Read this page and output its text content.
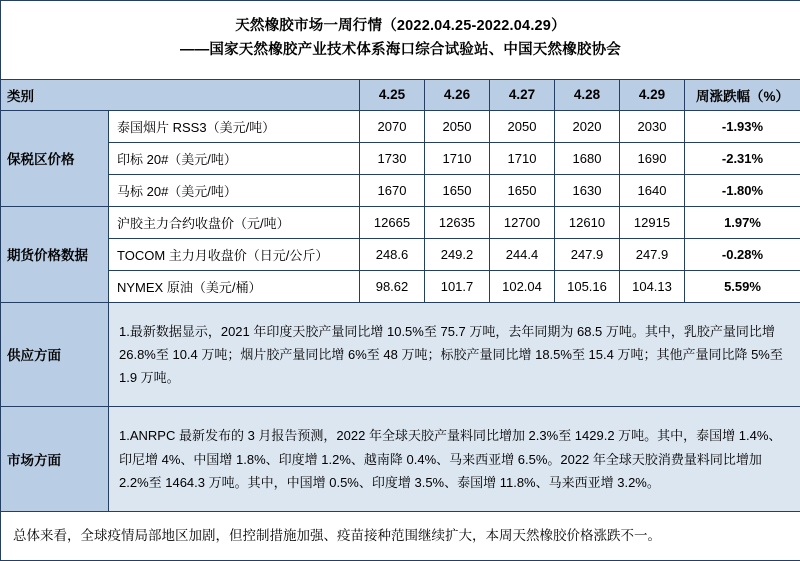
天然橡胶市场一周行情（2022.04.25-2022.04.29）
――国家天然橡胶产业技术体系海口综合试验站、中国天然橡胶协会							

类别		4.25	4.26	4.27	4.28	4.29	周涨跌幅（%）
保税区价格	泰国烟片 RSS3（美元/吨）	2070	2050	2050	2020	2030	-1.93%
	印标 20#（美元/吨）	1730	1710	1710	1680	1690	-2.31%
	马标 20#（美元/吨）	1670	1650	1650	1630	1640	-1.80%
期货价格数据	沪胶主力合约收盘价（元/吨）	12665	12635	12700	12610	12915	1.97%
	TOCOM 主力月收盘价（日元/公斤）	248.6	249.2	244.4	247.9	247.9	-0.28%
	NYMEX 原油（美元/桶）	98.62	101.7	102.04	105.16	104.13	5.59%
供应方面	1.最新数据显示，2021 年印度天胶产量同比增 10.5%至 75.7 万吨，去年同期为 68.5 万吨。其中，乳胶产量同比增 26.8%至 10.4 万吨；烟片胶产量同比增 6%至 48 万吨；标胶产量同比增 18.5%至 15.4 万吨；其他产量同比降 5%至 1.9 万吨。						
市场方面	1.ANRPC 最新发布的 3 月报告预测，2022 年全球天胶产量料同比增加 2.3%至 1429.2 万吨。其中，泰国增 1.4%、印尼增 4%、中国增 1.8%、印度增 1.2%、越南降 0.4%、马来西亚增 6.5%。2022 年全球天胶消费量料同比增加 2.2%至 1464.3 万吨。其中，中国增 0.5%、印度增 3.5%、泰国增 11.8%、马来西亚增 3.2%。						
总体来看，全球疫情局部地区加剧，但控制措施加强、疫苗接种范围继续扩大，本周天然橡胶价格涨跌不一。							
